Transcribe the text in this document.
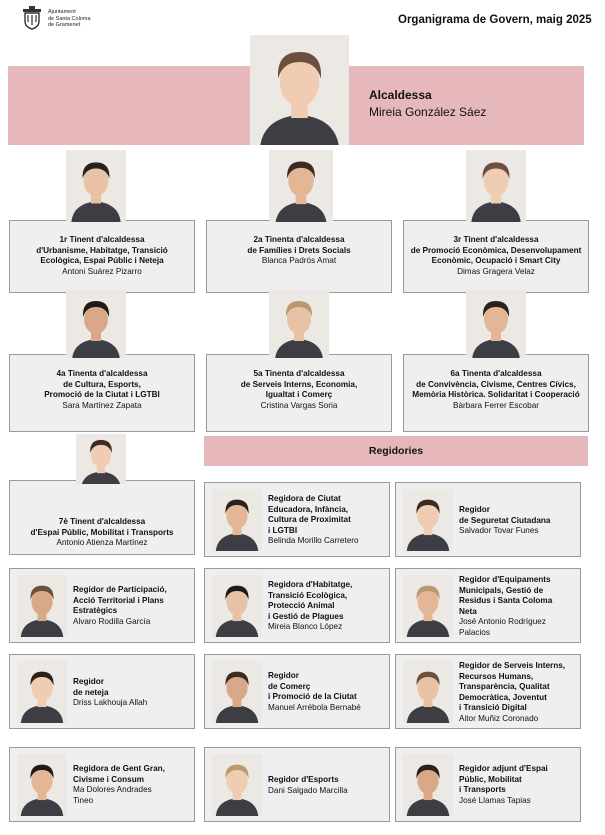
Ajuntament
de Santa Coloma
de Gramenet	Organigrama de Govern, maig 2025
Alcaldessa
Mireia González Sáez
1r Tinent d'alcaldessa
d'Urbanisme, Habitatge, Transició
Ecològica, Espai Públic i Neteja
Antoni Suárez Pizarro
2a Tinenta d'alcaldessa
de Famílies i Drets Socials
Blanca Padrós Amat
3r Tinent d'alcaldessa
de Promoció Econòmica, Desenvolupament
Econòmic, Ocupació i Smart City
Dimas Gragera Velaz
4a Tinenta d'alcaldessa
de Cultura, Esports,
Promoció de la Ciutat i LGTBI
Sara Martínez Zapata
5a Tinenta d'alcaldessa
de Serveis Interns, Economia,
Igualtat i Comerç
Cristina Vargas Soria
6a Tinenta d'alcaldessa
de Convivència, Civisme, Centres Cívics,
Memòria Històrica. Solidaritat i Cooperació
Bàrbara Ferrer Escobar
7è Tinent d'alcaldessa
d'Espai Públic, Mobilitat i Transports
Antonio Atienza Martínez
Regidories
Regidora de Ciutat
Educadora, Infància,
Cultura de Proximitat
i LGTBI
Belinda Morillo Carretero
Regidor
de Seguretat Ciutadana
Salvador Tovar Funes
Regidor de Participació,
Acció Territorial i Plans
Estratègics
Alvaro Rodilla García
Regidora d'Habitatge,
Transició Ecològica,
Protecció Animal
i Gestió de Plagues
Mireia Blanco López
Regidor d'Equipaments
Municipals, Gestió de
Residus i Santa Coloma
Neta
José Antonio Rodríguez
Palacios
Regidor
de neteja
Driss Lakhouja Allah
Regidor
de Comerç
i Promoció de la Ciutat
Manuel Arrébola Bernabé
Regidor de Serveis Interns,
Recursos Humans,
Transparència, Qualitat
Democràtica, Joventut
i Transició Digital
Aitor Muñiz Coronado
Regidora de Gent Gran,
Civisme i Consum
Ma Dolores Andrades
Tineo
Regidor d'Esports
Dani Salgado Marcilla
Regidor adjunt d'Espai
Públic, Mobilitat
i Transports
José Llamas Tapias
